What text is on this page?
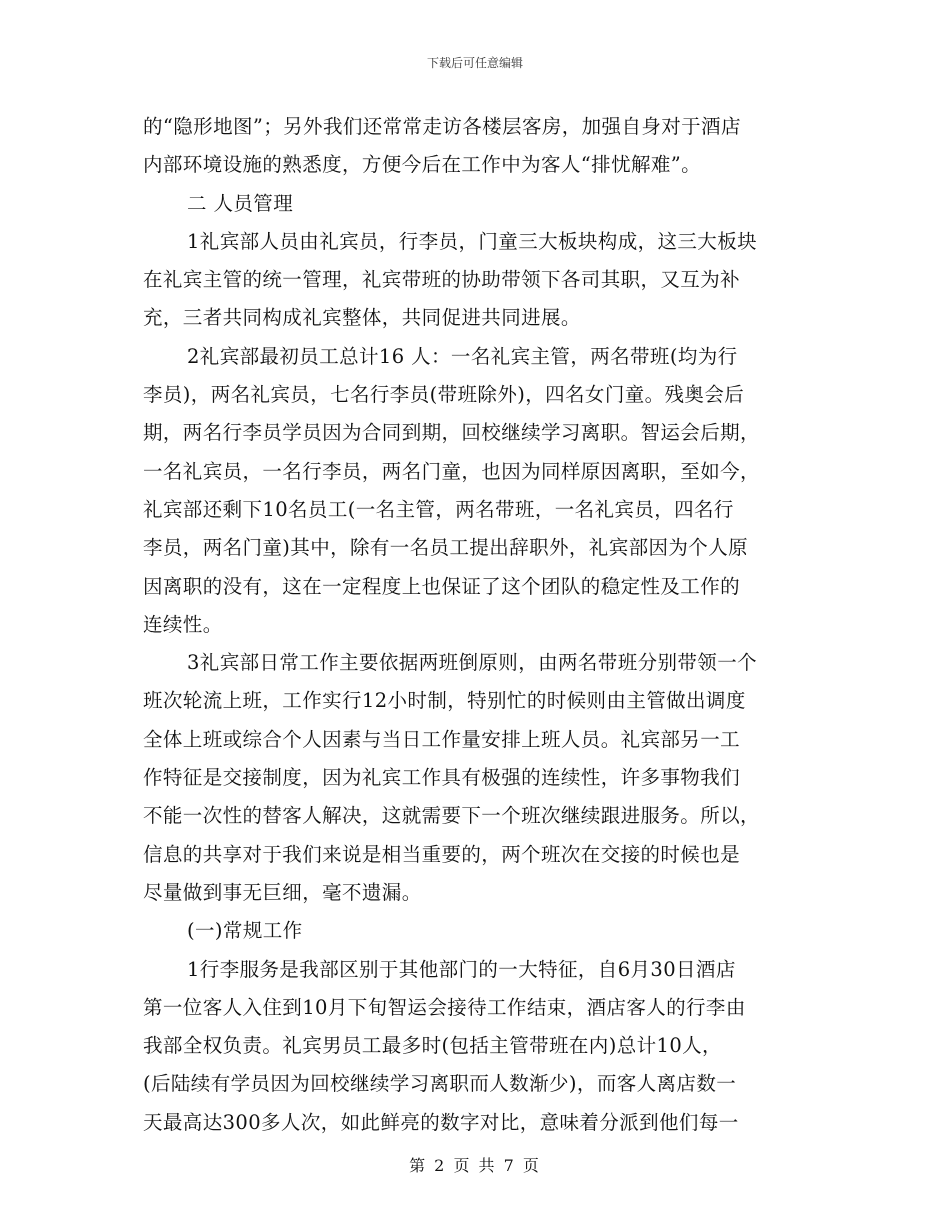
下载后可任意编辑
的“隐形地图”；另外我们还常常走访各楼层客房，加强自身对于酒店
内部环境设施的熟悉度，方便今后在工作中为客人“排忧解难”。
二 人员管理
1礼宾部人员由礼宾员，行李员，门童三大板块构成，这三大板块
在礼宾主管的统一管理，礼宾带班的协助带领下各司其职，又互为补
充，三者共同构成礼宾整体，共同促进共同进展。
2礼宾部最初员工总计16 人：一名礼宾主管，两名带班(均为行
李员)，两名礼宾员，七名行李员(带班除外)，四名女门童。残奥会后
期，两名行李员学员因为合同到期，回校继续学习离职。智运会后期，
一名礼宾员，一名行李员，两名门童，也因为同样原因离职，至如今，
礼宾部还剩下10名员工(一名主管，两名带班，一名礼宾员，四名行
李员，两名门童)其中，除有一名员工提出辞职外，礼宾部因为个人原
因离职的没有，这在一定程度上也保证了这个团队的稳定性及工作的
连续性。
3礼宾部日常工作主要依据两班倒原则，由两名带班分别带领一个
班次轮流上班，工作实行12小时制，特别忙的时候则由主管做出调度
全体上班或综合个人因素与当日工作量安排上班人员。礼宾部另一工
作特征是交接制度，因为礼宾工作具有极强的连续性，许多事物我们
不能一次性的替客人解决，这就需要下一个班次继续跟进服务。所以，
信息的共享对于我们来说是相当重要的，两个班次在交接的时候也是
尽量做到事无巨细，毫不遗漏。
(一)常规工作
1行李服务是我部区别于其他部门的一大特征，自6月30日酒店
第一位客人入住到10月下旬智运会接待工作结束，酒店客人的行李由
我部全权负责。礼宾男员工最多时(包括主管带班在内)总计10人，
(后陆续有学员因为回校继续学习离职而人数渐少)，而客人离店数一
天最高达300多人次，如此鲜亮的数字对比，意味着分派到他们每一
第 2 页 共 7 页
